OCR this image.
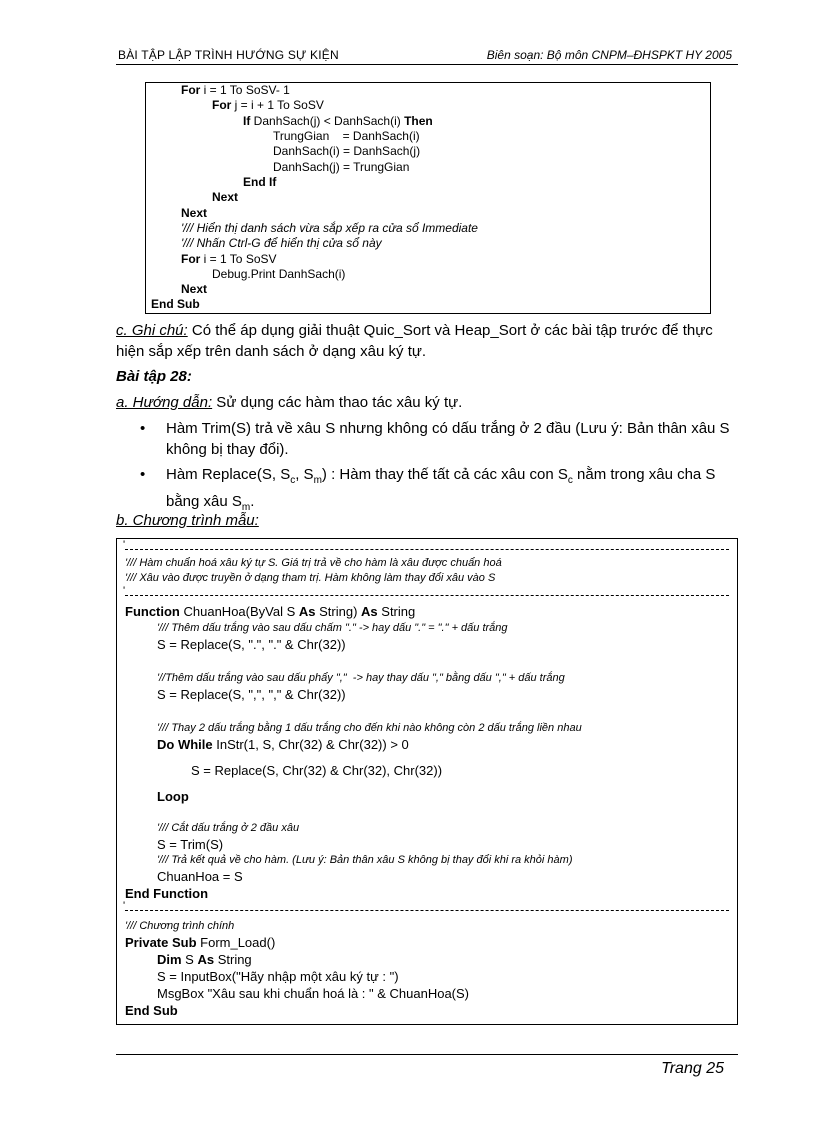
BÀI TẬP LẬP TRÌNH HƯỚNG SỰ KIỆN	Biên soạn: Bộ môn CNPM–ĐHSPKT HY 2005
For i = 1 To SoSV- 1
For j = i + 1 To SoSV
If DanhSach(j) < DanhSach(i) Then
TrungGian    = DanhSach(i)
DanhSach(i) = DanhSach(j)
DanhSach(j) = TrungGian
End If
Next
Next
'/// Hiển thị danh sách vừa sắp xếp ra cửa sổ Immediate
'/// Nhấn Ctrl-G để hiển thị cửa sổ này
For i = 1 To SoSV
Debug.Print DanhSach(i)
Next
End Sub
c. Ghi chú: Có thể áp dụng giải thuật Quic_Sort và Heap_Sort ở các bài tập trước để thực hiện sắp xếp trên danh sách ở dạng xâu ký tự.
Bài tập 28:
a. Hướng dẫn: Sử dụng các hàm thao tác xâu ký tự.
• Hàm Trim(S) trả về xâu S nhưng không có dấu trắng ở 2 đầu (Lưu ý: Bản thân xâu S không bị thay đổi).
• Hàm Replace(S, $S_c$, $S_m$) : Hàm thay thế tất cả các xâu con $S_c$ nằm trong xâu cha S bằng xâu $S_m$.
b. Chương trình mẫu:
'
'/// Hàm chuẩn hoá xâu ký tự S. Giá trị trả về cho hàm là xâu được chuẩn hoá
'/// Xâu vào được truyền ở dạng tham trị. Hàm không làm thay đổi xâu vào S
'
Function ChuanHoa(ByVal S As String) As String
'/// Thêm dấu trắng vào sau dấu chấm "." -> hay dấu "." = "." + dấu trắng
S = Replace(S, ".", "." & Chr(32))
'//Thêm dấu trắng vào sau dấu phẩy ","  -> hay thay dấu "," bằng dấu "," + dấu trắng
S = Replace(S, ",", "," & Chr(32))
'/// Thay 2 dấu trắng bằng 1 dấu trắng cho đến khi nào không còn 2 dấu trắng liền nhau
Do While InStr(1, S, Chr(32) & Chr(32)) > 0
S = Replace(S, Chr(32) & Chr(32), Chr(32))
Loop
'/// Cắt dấu trắng ở 2 đầu xâu
S = Trim(S)
'/// Trả kết quả về cho hàm. (Lưu ý: Bản thân xâu S không bị thay đổi khi ra khỏi hàm)
ChuanHoa = S
End Function
'
'/// Chương trình chính
Private Sub Form_Load()
Dim S As String
S = InputBox("Hãy nhập một xâu ký tự : ")
MsgBox "Xâu sau khi chuẩn hoá là : " & ChuanHoa(S)
End Sub
Trang 25
